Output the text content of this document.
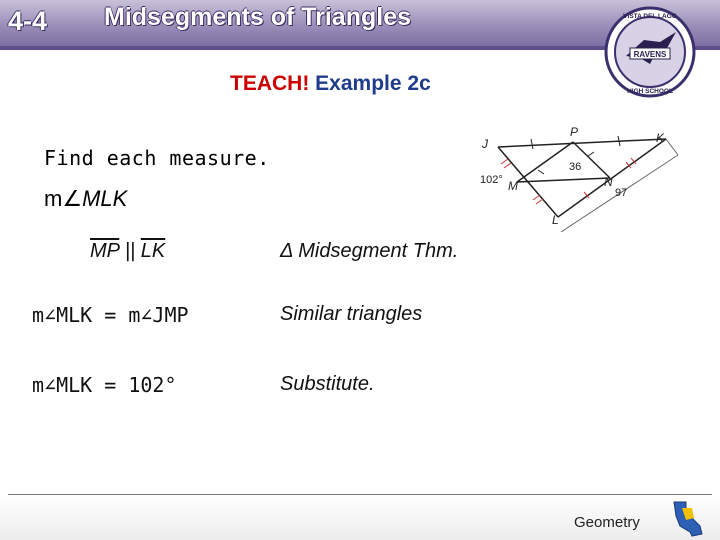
4-4 Midsegments of Triangles	VISTA DEL LAGO
RAVENS
HIGH SCHOOL
TEACH! Example 2c
Find each measure.
m∠MLK
J
P	K
M	N
L
102°
36
97
$\overline{MP}$ || $\overline{LK}$	Δ Midsegment Thm.
m∠MLK = m∠JMP	Similar triangles
m∠MLK = 102°	Substitute.
Geometry
